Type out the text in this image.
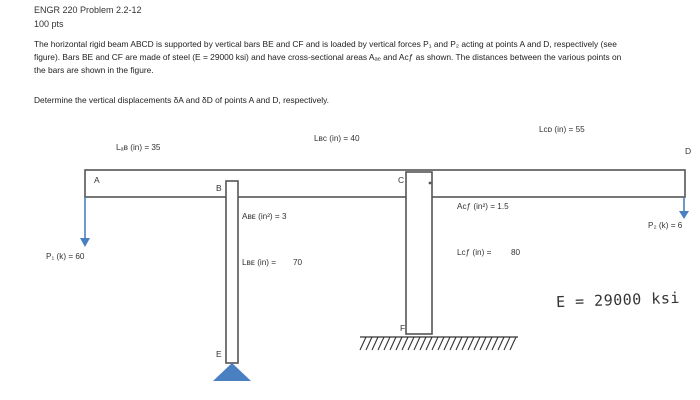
ENGR 220 Problem 2.2-12
100 pts
The horizontal rigid beam ABCD is supported by vertical bars BE and CF and is loaded by vertical forces P₁ and P₂ acting at points A and D, respectively (see
figure). Bars BE and CF are made of steel (E = 29000 ksi) and have cross-sectional areas Aₐₑ and Aᴄƒ as shown. The distances between the various points on
the bars are shown in the figure.
Determine the vertical displacements δA and δD of points A and D, respectively.
A
B
C
D
E
F
Lₐʙ (in) = 35
Lʙᴄ (in) = 40
Lᴄᴅ (in) = 55
Aʙᴇ (in²) = 3
Lʙᴇ (in) = 70
Aᴄƒ (in²) = 1.5
Lᴄƒ (in) = 80
P₁ (k) = 60
P₂ (k) = 6
E = 29000 ksi
